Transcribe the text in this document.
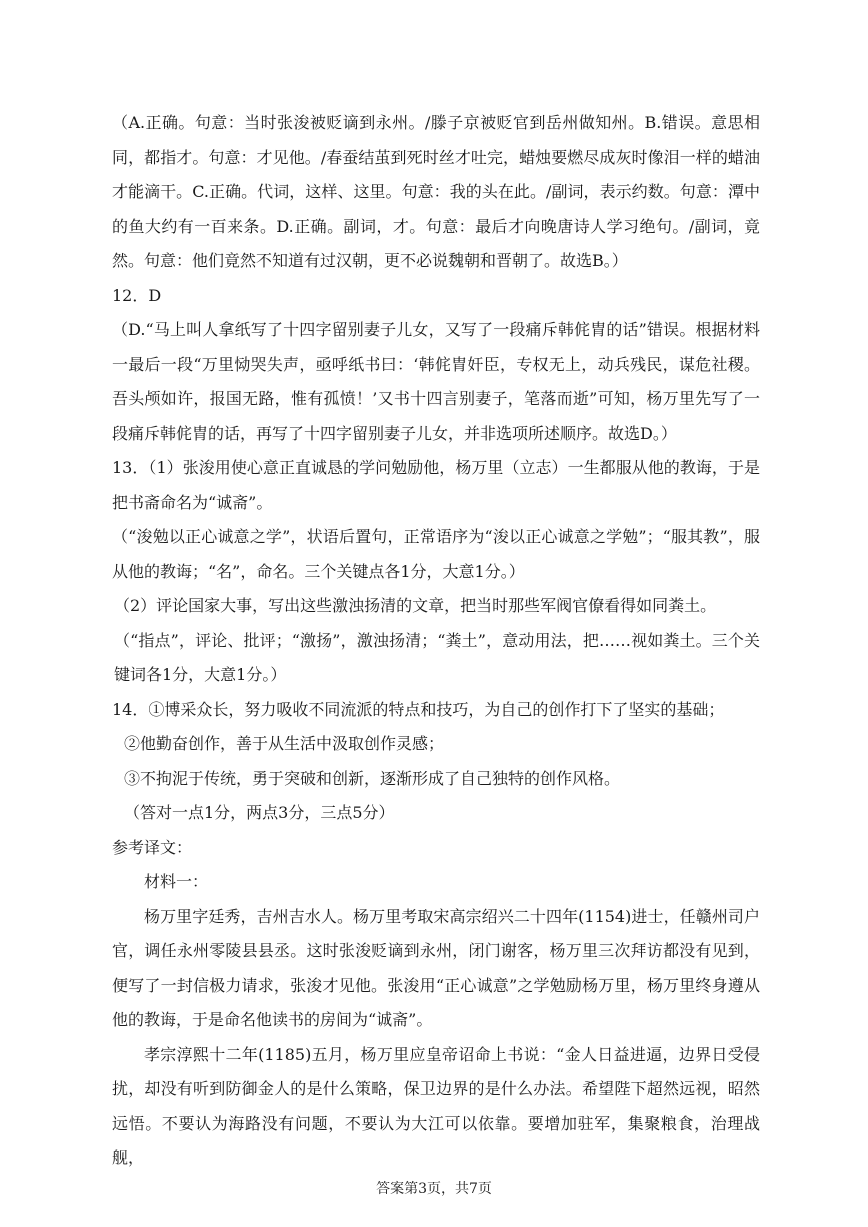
（A.正确。句意：当时张浚被贬谪到永州。/滕子京被贬官到岳州做知州。B.错误。意思相同，都指才。句意：才见他。/春蚕结茧到死时丝才吐完，蜡烛要燃尽成灰时像泪一样的蜡油才能滴干。C.正确。代词，这样、这里。句意：我的头在此。/副词，表示约数。句意：潭中的鱼大约有一百来条。D.正确。副词，才。句意：最后才向晚唐诗人学习绝句。/副词，竟然。句意：他们竟然不知道有过汉朝，更不必说魏朝和晋朝了。故选B。）

12．D

（D.“马上叫人拿纸写了十四字留别妻子儿女，又写了一段痛斥韩侂胄的话”错误。根据材料一最后一段“万里恸哭失声，亟呼纸书曰：‘韩侂胄奸臣，专权无上，动兵残民，谋危社稷。吾头颅如许，报国无路，惟有孤愤！’又书十四言别妻子，笔落而逝”可知，杨万里先写了一段痛斥韩侂胄的话，再写了十四字留别妻子儿女，并非选项所述顺序。故选D。）

13．（1）张浚用使心意正直诚恳的学问勉励他，杨万里（立志）一生都服从他的教诲，于是把书斋命名为“诚斋”。

（“浚勉以正心诚意之学”，状语后置句，正常语序为“浚以正心诚意之学勉”；“服其教”，服从他的教诲；“名”，命名。三个关键点各1分，大意1分。）

（2）评论国家大事，写出这些激浊扬清的文章，把当时那些军阀官僚看得如同粪土。

（“指点”，评论、批评；“激扬”，激浊扬清；“粪土”，意动用法，把……视如粪土。三个关键词各1分，大意1分。）

14．①博采众长，努力吸收不同流派的特点和技巧，为自己的创作打下了坚实的基础；

②他勤奋创作，善于从生活中汲取创作灵感；

③不拘泥于传统，勇于突破和创新，逐渐形成了自己独特的创作风格。

（答对一点1分，两点3分，三点5分）

参考译文：

材料一：

杨万里字廷秀，吉州吉水人。杨万里考取宋高宗绍兴二十四年(1154)进士，任赣州司户官，调任永州零陵县县丞。这时张浚贬谪到永州，闭门谢客，杨万里三次拜访都没有见到，便写了一封信极力请求，张浚才见他。张浚用“正心诚意”之学勉励杨万里，杨万里终身遵从他的教诲，于是命名他读书的房间为“诚斋”。

孝宗淳熙十二年(1185)五月，杨万里应皇帝诏命上书说：“金人日益进逼，边界日受侵扰，却没有听到防御金人的是什么策略，保卫边界的是什么办法。希望陛下超然远视，昭然远悟。不要认为海路没有问题，不要认为大江可以依靠。要增加驻军，集聚粮食，治理战舰，

答案第3页，共7页
